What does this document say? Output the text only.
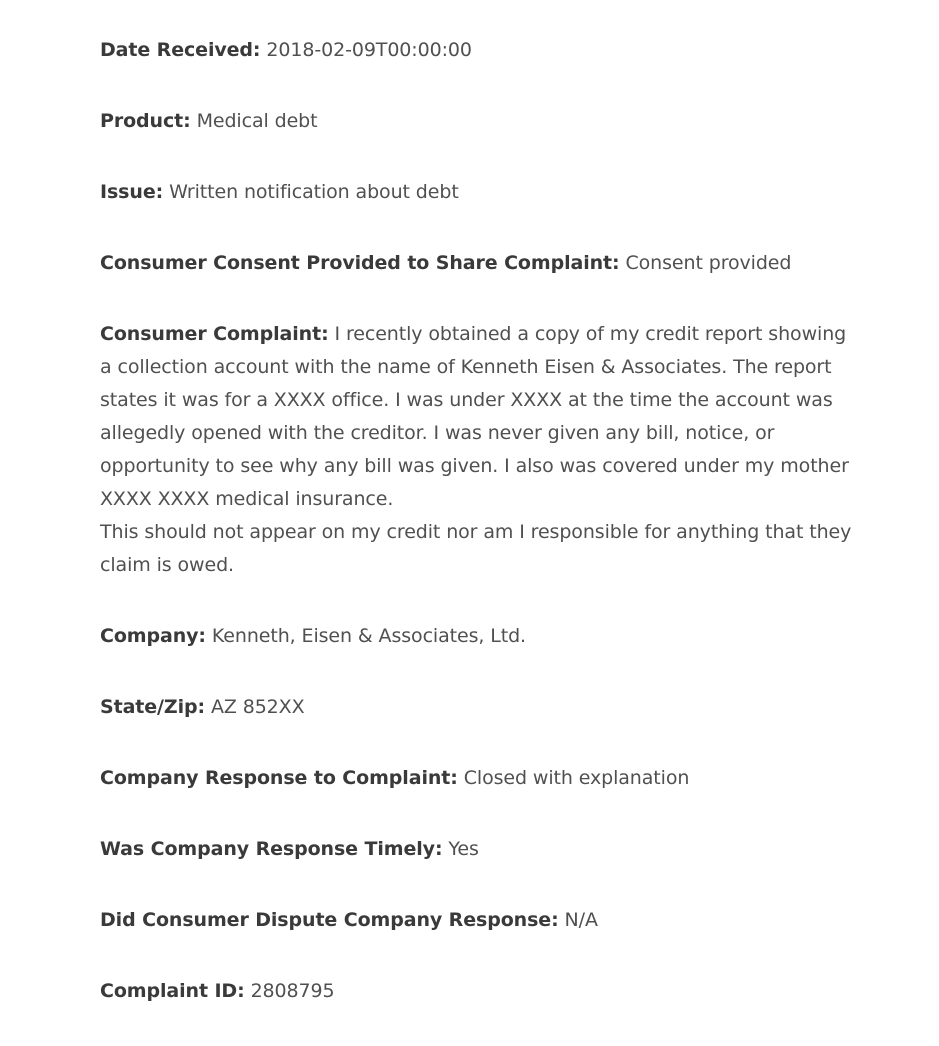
Date Received: 2018-02-09T00:00:00

Product: Medical debt

Issue: Written notification about debt

Consumer Consent Provided to Share Complaint: Consent provided

Consumer Complaint: I recently obtained a copy of my credit report showing a collection account with the name of Kenneth Eisen & Associates. The report states it was for a XXXX office. I was under XXXX at the time the account was allegedly opened with the creditor. I was never given any bill, notice, or opportunity to see why any bill was given. I also was covered under my mother XXXX XXXX medical insurance.
This should not appear on my credit nor am I responsible for anything that they claim is owed.

Company: Kenneth, Eisen & Associates, Ltd.

State/Zip: AZ 852XX

Company Response to Complaint: Closed with explanation

Was Company Response Timely: Yes

Did Consumer Dispute Company Response: N/A

Complaint ID: 2808795
